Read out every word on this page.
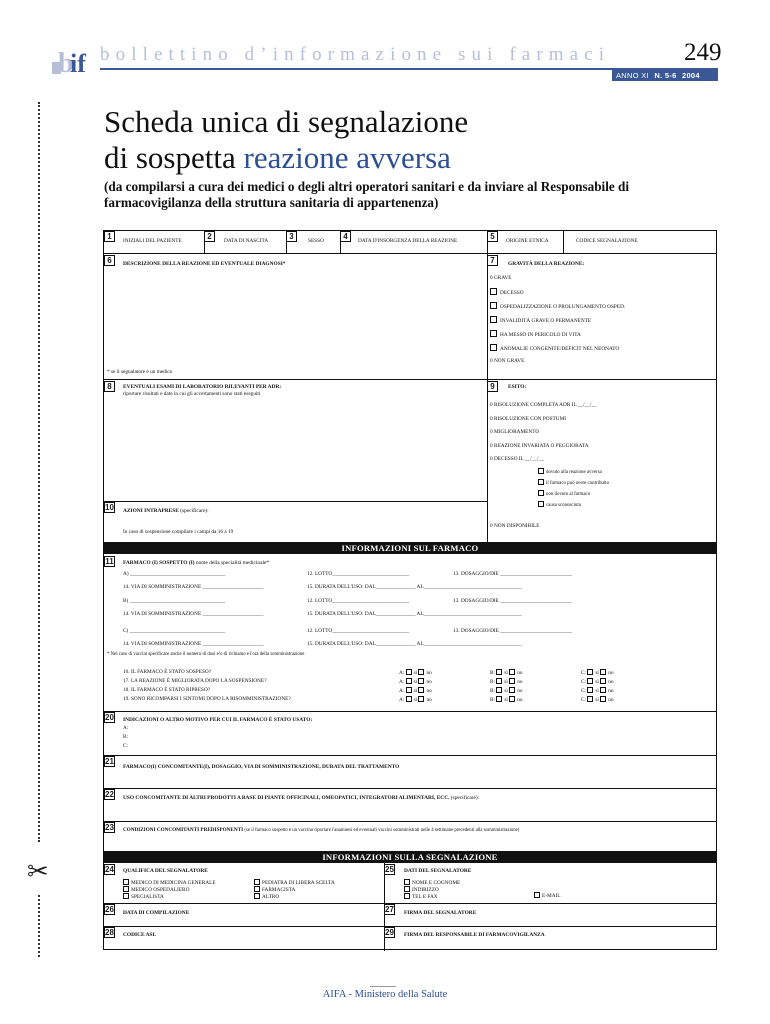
b
if bollettino d’informazione sui farmaci	249
ANNO XI N. 5-6 2004
Scheda unica di segnalazione
di sospetta reazione avversa
(da compilarsi a cura dei medici o degli altri operatori sanitari e da inviare al Responsabile di farmacovigilanza della struttura sanitaria di appartenenza)
✂
1	INIZIALI DEL PAZIENTE	2	DATA DI NASCITA	3	SESSO	4	DATA D'INSORGENZA DELLA REAZIONE	5	ORIGINE ETNICA	CODICE SEGNALAZIONE
6	DESCRIZIONE DELLA REAZIONE ED EVENTUALE DIAGNOSI*
* se il segnalatore è un medico
7	GRAVITÀ DELLA REAZIONE:
0 GRAVE
0 NON GRAVE
8	EVENTUALI ESAMI DI LABORATORIO RILEVANTI PER ADR:
riportare risultati e date in cui gli accertamenti sono stati eseguiti
9	ESITO:
0 NON DISPONIBILE
10 AZIONI INTRAPRESE (specificare):
In caso di sospensione compilare i campi da 16 a 19
INFORMAZIONI SUL FARMACO
11 FARMACO (I) SOSPETTO (I) nome della specialità medicinale*
* Nel caso di vaccini specificare anche il numero di dosi e/o di richiamo e l'ora della somministrazione
20 INDICAZIONI O ALTRO MOTIVO PER CUI IL FARMACO È STATO USATO:
A:
B:
C:
21
FARMACO(I) CONCOMITANTE(I), DOSAGGIO, VIA DI SOMMINISTRAZIONE, DURATA DEL TRATTAMENTO
22 USO CONCOMITANTE DI ALTRI PRODOTTI A BASE DI PIANTE OFFICINALI, OMEOPATICI, INTEGRATORI ALIMENTARI, ECC. (specificare):
23 CONDIZIONI CONCOMITANTI PREDISPONENTI (se il farmaco sospetto è un vaccino riportare l'anamnesi ed eventuali vaccini somministrati nelle 4 settimane precedenti alla somministrazione)
INFORMAZIONI SULLA SEGNALAZIONE
24 QUALIFICA DEL SEGNALATORE	25 DATI DEL SEGNALATORE
E-MAIL
26 DATA DI COMPILAZIONE	27 FIRMA DEL SEGNALATORE
28 CODICE ASL	29 FIRMA DEL RESPONSABILE DI FARMACOVIGILANZA
DECESSO
OSPEDALIZZAZIONE O PROLUNGAMENTO OSPED.
INVALIDITÀ GRAVE O PERMANENTE
HA MESSO IN PERICOLO DI VITA
ANOMALIE CONGENITE/DEFICIT NEL NEONATO
0 RISOLUZIONE COMPLETA ADR IL __/__/__
0 RISOLUZIONE CON POSTUMI
0 MIGLIORAMENTO
0 REAZIONE INVARIATA O PEGGIORATA
0 DECESSO IL __/__/__
dovuto alla reazione avversa
il farmaco può avere contribuito
non dovuto al farmaco
causa sconosciuta
A) ____________________________________	12. LOTTO_____________________________	13. DOSAGGIO/DIE ___________________________
14. VIA DI SOMMINISTRAZIONE _______________________	15. DURATA DELL'USO: DAL_______________ AL_____________________________________
B) ____________________________________	12. LOTTO_____________________________	13. DOSAGGIO/DIE ___________________________
14. VIA DI SOMMINISTRAZIONE _______________________	15. DURATA DELL'USO: DAL_______________ AL_____________________________________
C) ____________________________________	12. LOTTO_____________________________	13. DOSAGGIO/DIE ___________________________
14. VIA DI SOMMINISTRAZIONE _______________________	15. DURATA DELL'USO: DAL_______________ AL_____________________________________
16. IL FARMACO È STATO SOSPESO?	A: sì no	B: sì no	C: sì no
17. LA REAZIONE È MIGLIORATA DOPO LA SOSPENSIONE?	A: sì no	B: sì no	C: sì no
18. IL FARMACO È STATO RIPRESO?	A: sì no	B: sì no	C: sì no
19. SONO RICOMPARSI I SINTOMI DOPO LA RISOMMINISTRAZIONE?	A: sì no	B: sì no	C: sì no
MEDICO DI MEDICINA GENERALE
MEDICO OSPEDALIERO
SPECIALISTA
PEDIATRA DI LIBERA SCELTA
FARMACISTA
ALTRO
NOME E COGNOME
INDIRIZZO
TEL E FAX
AIFA - Ministero della Salute
